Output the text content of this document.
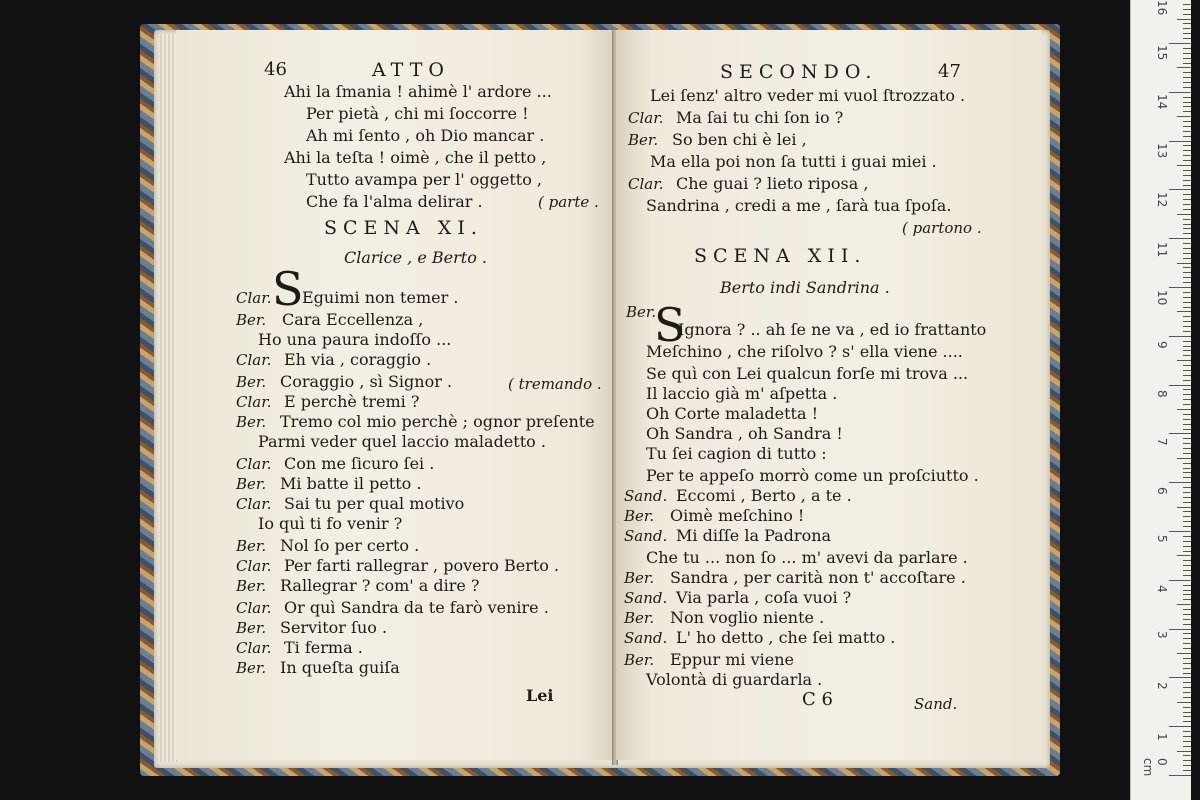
46	ATTO
Ahi la ſmania ! ahimè l' ardore ...
Per pietà , chi mi ſoccorre !
Ah mi ſento , oh Dio mancar .
Ahi la teſta ! oimè , che il petto ,
Tutto avampa per l' oggetto ,
Che fa l'alma delirar .	( parte .
SCENA XI.
Clarice , e Berto .
S
Clar. Eguimi non temer .
Ber. Cara Eccellenza ,
Ho una paura indoſſo ...
Clar. Eh via , coraggio .
Ber. Coraggio , sì Signor .	( tremando .
Clar. E perchè tremi ?
Ber. Tremo col mio perchè ; ognor preſente
Parmi veder quel laccio maladetto .
Clar. Con me ſicuro ſei .
Ber. Mi batte il petto .
Clar. Sai tu per qual motivo
Io quì ti fo venir ?
Ber. Nol ſo per certo .
Clar. Per farti rallegrar , povero Berto .
Ber. Rallegrar ? com' a dire ?
Clar. Or quì Sandra da te farò venire .
Ber. Servitor ſuo .
Clar. Ti ferma .
Ber. In queſta guiſa
Lei
SECONDO.	47
Lei ſenz' altro veder mi vuol ſtrozzato .
Clar. Ma ſai tu chi ſon io ?
Ber. So ben chi è lei ,
Ma ella poi non ſa tutti i guai miei .
Clar. Che guai ? lieto riposa ,
Sandrina , credi a me , ſarà tua ſpoſa.
( partono .
SCENA XII.
Berto indi Sandrina .
Ber.
S
Ignora ? .. ah ſe ne va , ed io frattanto
Meſchino , che riſolvo ? s' ella viene ....
Se quì con Lei qualcun forſe mi trova ...
Il laccio già m' aſpetta .
Oh Corte maladetta !
Oh Sandra , oh Sandra !
Tu ſei cagion di tutto :
Per te appeſo morrò come un proſciutto .
Sand. Eccomi , Berto , a te .
Ber. Oimè meſchino !
Sand. Mi diſſe la Padrona
Che tu ... non ſo ... m' avevi da parlare .
Ber. Sandra , per carità non t' accoſtare .
Sand. Via parla , coſa vuoi ?
Ber. Non voglio niente .
Sand. L' ho detto , che ſei matto .
Ber. Eppur mi viene
Volontà di guardarla .
C 6	Sand.
0 cm
1
2
3
4
5
6
7
8
9
10
11
12
13
14
15
16
